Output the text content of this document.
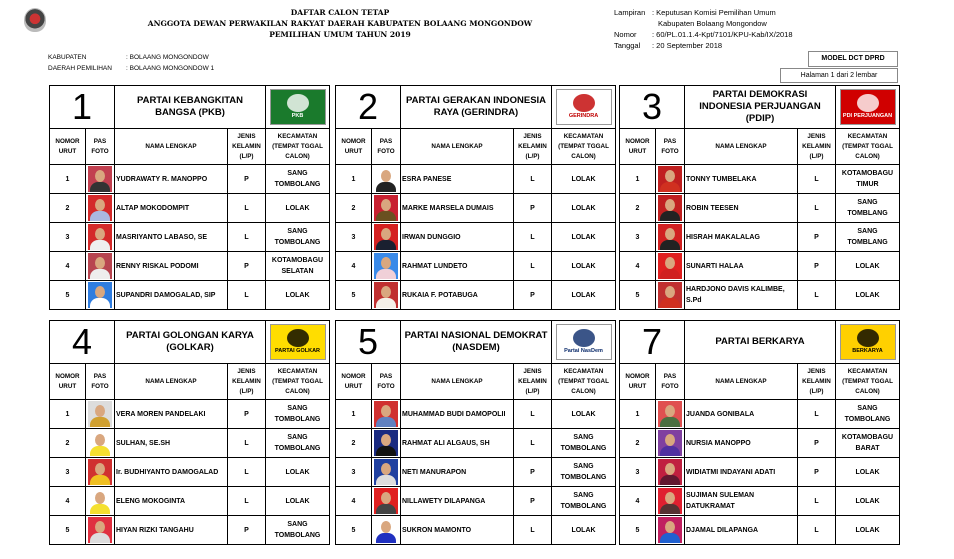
DAFTAR CALON TETAP
ANGGOTA DEWAN PERWAKILAN RAKYAT DAERAH KABUPATEN BOLAANG MONGONDOW
PEMILIHAN UMUM TAHUN 2019
Lampiran : Keputusan Komisi Pemilihan Umum
Kabupaten Bolaang Mongondow
Nomor : 60/PL.01.1.4-Kpt/7101/KPU-Kab/IX/2018
Tanggal : 20 September 2018
KABUPATEN	: BOLAANG MONGONDOW
DAERAH PEMILIHAN : BOLAANG MONGONDOW 1
MODEL DCT DPRD
Halaman 1 dari 2 lembar
1		PARTAI KEBANGKITAN BANGSA (PKB)		PKB

NOMOR URUT	PAS FOTO	NAMA LENGKAP	JENIS KELAMIN (L/P)	KECAMATAN (TEMPAT TGGAL CALON)
1		YUDRAWATY R. MANOPPO	P	SANG TOMBOLANG
2		ALTAP MOKODOMPIT	L	LOLAK
3		MASRIYANTO LABASO, SE	L	SANG TOMBOLANG
4		RENNY RISKAL PODOMI	P	KOTAMOBAGU SELATAN
5		SUPANDRI DAMOGALAD, SIP	L	LOLAK
2		PARTAI GERAKAN INDONESIA RAYA (GERINDRA)		GERINDRA

NOMOR URUT	PAS FOTO	NAMA LENGKAP	JENIS KELAMIN (L/P)	KECAMATAN (TEMPAT TGGAL CALON)
1		ESRA PANESE	L	LOLAK
2		MARKE MARSELA DUMAIS	P	LOLAK
3		IRWAN DUNGGIO	L	LOLAK
4		RAHMAT LUNDETO	L	LOLAK
5		RUKAIA F. POTABUGA	P	LOLAK
3		PARTAI DEMOKRASI INDONESIA PERJUANGAN (PDIP)		PDI PERJUANGAN

NOMOR URUT	PAS FOTO	NAMA LENGKAP	JENIS KELAMIN (L/P)	KECAMATAN (TEMPAT TGGAL CALON)
1		TONNY TUMBELAKA	L	KOTAMOBAGU TIMUR
2		ROBIN TEESEN	L	SANG TOMBLANG
3		HISRAH MAKALALAG	P	SANG TOMBLANG
4		SUNARTI HALAA	P	LOLAK
5		HARDJONO DAVIS KALIMBE, S.Pd	L	LOLAK
4		PARTAI GOLONGAN KARYA (GOLKAR)		PARTAI GOLKAR

NOMOR URUT	PAS FOTO	NAMA LENGKAP	JENIS KELAMIN (L/P)	KECAMATAN (TEMPAT TGGAL CALON)
1		VERA MOREN PANDELAKI	P	SANG TOMBOLANG
2		SULHAN, SE.SH	L	SANG TOMBOLANG
3		Ir. BUDHIYANTO DAMOGALAD	L	LOLAK
4		ELENG MOKOGINTA	L	LOLAK
5		HIYAN RIZKI TANGAHU	P	SANG TOMBOLANG
5		PARTAI NASIONAL DEMOKRAT (NASDEM)		Partai NasDem

NOMOR URUT	PAS FOTO	NAMA LENGKAP	JENIS KELAMIN (L/P)	KECAMATAN (TEMPAT TGGAL CALON)
1		MUHAMMAD BUDI DAMOPOLII	L	LOLAK
2		RAHMAT ALI ALGAUS, SH	L	SANG TOMBOLANG
3		NETI MANURAPON	P	SANG TOMBOLANG
4		NILLAWETY DILAPANGA	P	SANG TOMBOLANG
5		SUKRON MAMONTO	L	LOLAK
7		PARTAI BERKARYA		BERKARYA

NOMOR URUT	PAS FOTO	NAMA LENGKAP	JENIS KELAMIN (L/P)	KECAMATAN (TEMPAT TGGAL CALON)
1		JUANDA GONIBALA	L	SANG TOMBOLANG
2		NURSIA MANOPPO	P	KOTAMOBAGU BARAT
3		WIDIATMI INDAYANI ADATI	P	LOLAK
4		SUJIMAN SULEMAN DATUKRAMAT	L	LOLAK
5		DJAMAL DILAPANGA	L	LOLAK
